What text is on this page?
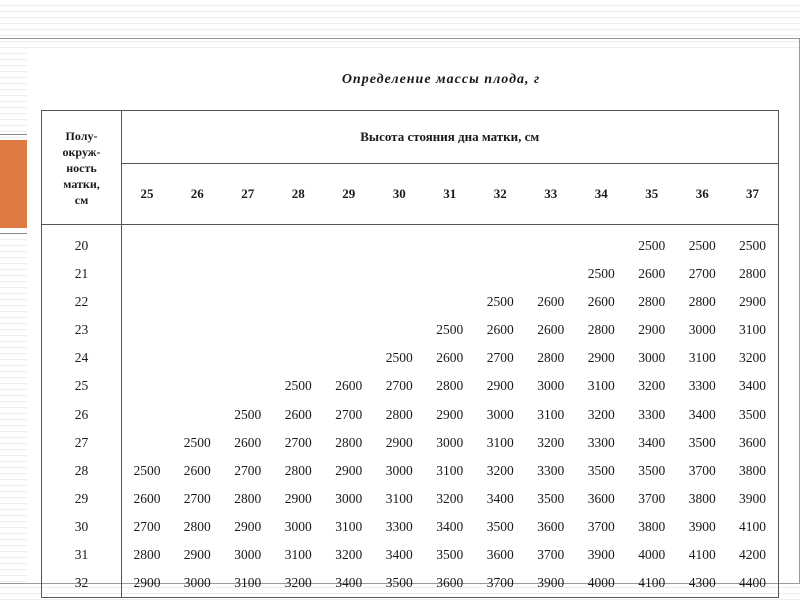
Определение массы плода, г
Полу-
окруж-
ность
матки,
см	Высота стояния дна матки, см												
	25	26	27	28	29	30	31	32	33	34	35	36	37

20											2500	2500	2500
21										2500	2600	2700	2800
22								2500	2600	2600	2800	2800	2900
23							2500	2600	2600	2800	2900	3000	3100
24						2500	2600	2700	2800	2900	3000	3100	3200
25				2500	2600	2700	2800	2900	3000	3100	3200	3300	3400
26			2500	2600	2700	2800	2900	3000	3100	3200	3300	3400	3500
27		2500	2600	2700	2800	2900	3000	3100	3200	3300	3400	3500	3600
28	2500	2600	2700	2800	2900	3000	3100	3200	3300	3500	3500	3700	3800
29	2600	2700	2800	2900	3000	3100	3200	3400	3500	3600	3700	3800	3900
30	2700	2800	2900	3000	3100	3300	3400	3500	3600	3700	3800	3900	4100
31	2800	2900	3000	3100	3200	3400	3500	3600	3700	3900	4000	4100	4200
32	2900	3000	3100	3200	3400	3500	3600	3700	3900	4000	4100	4300	4400
